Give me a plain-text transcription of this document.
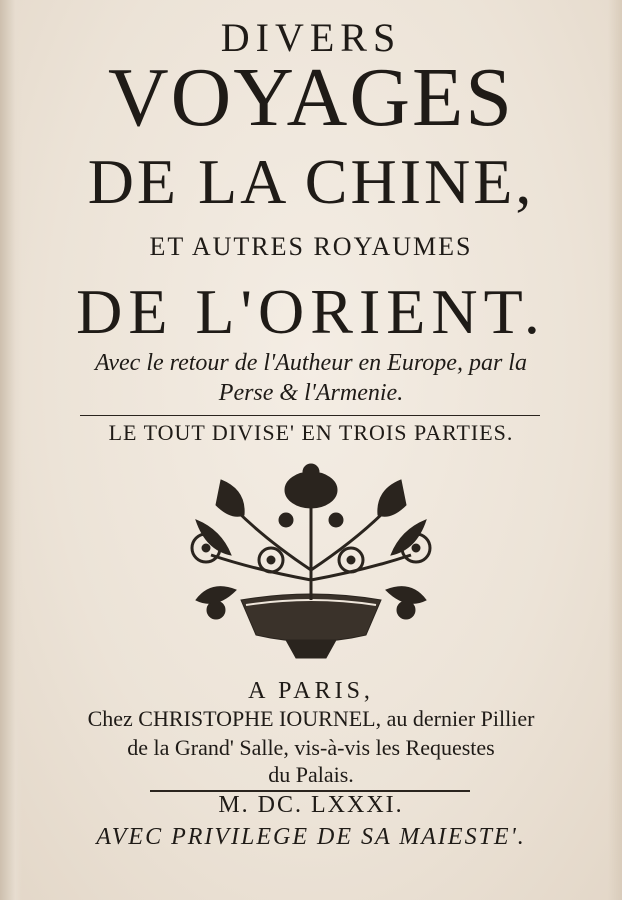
DIVERS
VOYAGES
DE LA CHINE,
ET AUTRES ROYAUMES
DE L'ORIENT.
Avec le retour de l'Autheur en Europe, par la
Perse & l'Armenie.
LE TOUT DIVISE' EN TROIS PARTIES.
A PARIS,
Chez CHRISTOPHE IOURNEL, au dernier Pillier
de la Grand' Salle, vis-à-vis les Requestes
du Palais.
M. DC. LXXXI.
AVEC PRIVILEGE DE SA MAIESTE'.
